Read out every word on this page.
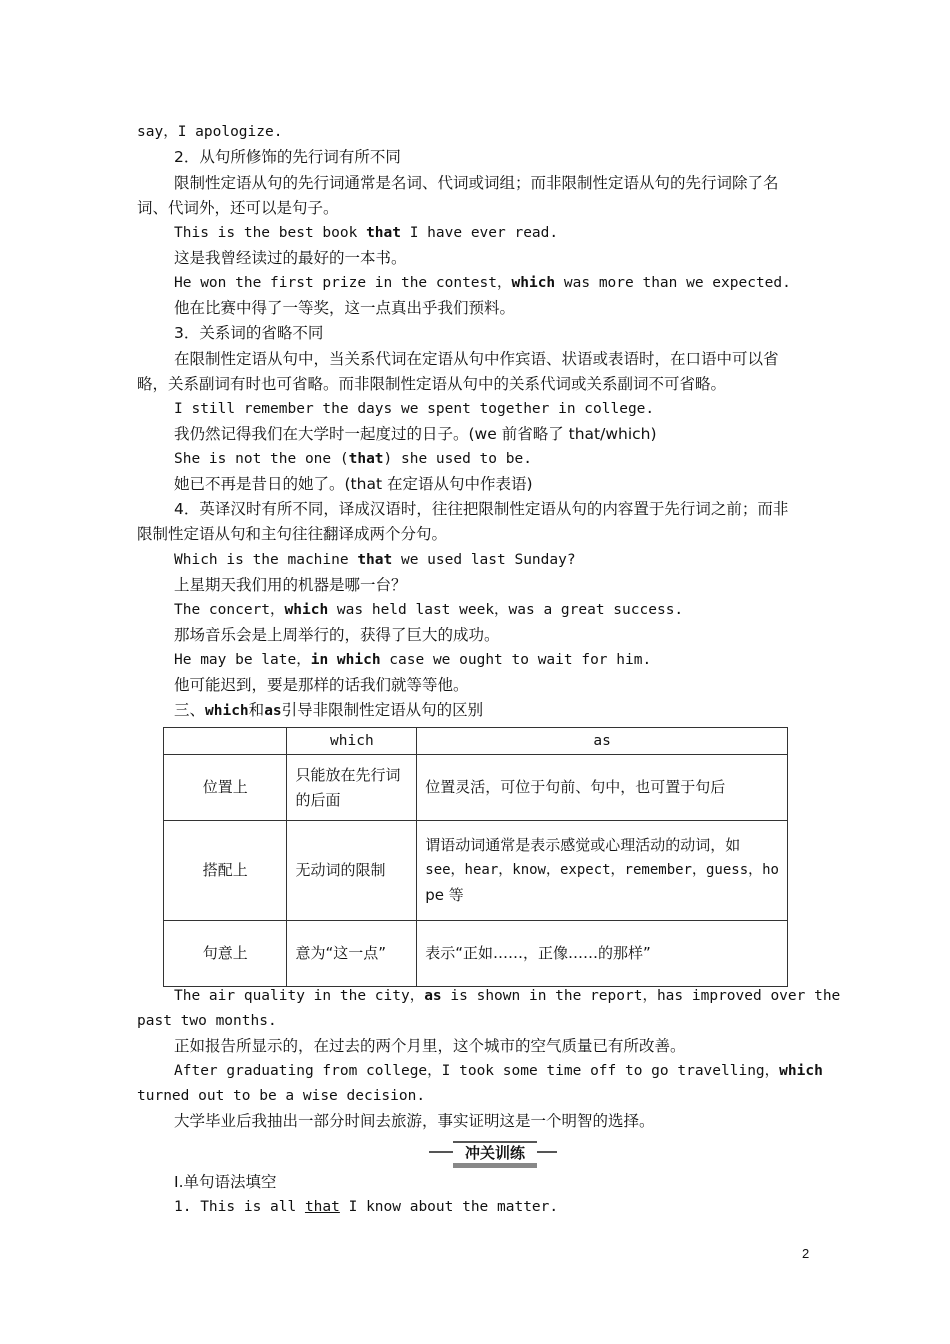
say，I apologize.
2．从句所修饰的先行词有所不同
限制性定语从句的先行词通常是名词、代词或词组；而非限制性定语从句的先行词除了名
词、代词外，还可以是句子。
This is the best book that I have ever read.
这是我曾经读过的最好的一本书。
He won the first prize in the contest，which was more than we expected.
他在比赛中得了一等奖，这一点真出乎我们预料。
3．关系词的省略不同
在限制性定语从句中，当关系代词在定语从句中作宾语、状语或表语时，在口语中可以省
略，关系副词有时也可省略。而非限制性定语从句中的关系代词或关系副词不可省略。
I still remember the days we spent together in college.
我仍然记得我们在大学时一起度过的日子。(we 前省略了 that/which)
She is not the one (that) she used to be.
她已不再是昔日的她了。(that 在定语从句中作表语)
4．英译汉时有所不同，译成汉语时，往往把限制性定语从句的内容置于先行词之前；而非
限制性定语从句和主句往往翻译成两个分句。
Which is the machine that we used last Sunday?
上星期天我们用的机器是哪一台？
The concert，which was held last week，was a great success.
那场音乐会是上周举行的，获得了巨大的成功。
He may be late，in which case we ought to wait for him.
他可能迟到，要是那样的话我们就等等他。
三、which和as引导非限制性定语从句的区别
	which	as
位置上	只能放在先行词的后面	位置灵活，可位于句前、句中，也可置于句后
搭配上	无动词的限制	谓语动词通常是表示感觉或心理活动的动词，如
see，hear，know，expect，remember，guess，ho
pe 等

句意上	意为“这一点”	表示“正如……，正像……的那样”
The air quality in the city，as is shown in the report，has improved over the
past two months.
正如报告所显示的，在过去的两个月里，这个城市的空气质量已有所改善。
After graduating from college，I took some time off to go travelling，which
turned out to be a wise decision.
大学毕业后我抽出一部分时间去旅游，事实证明这是一个明智的选择。
冲关训练
Ⅰ.单句语法填空
1. This is all that I know about the matter.
2
